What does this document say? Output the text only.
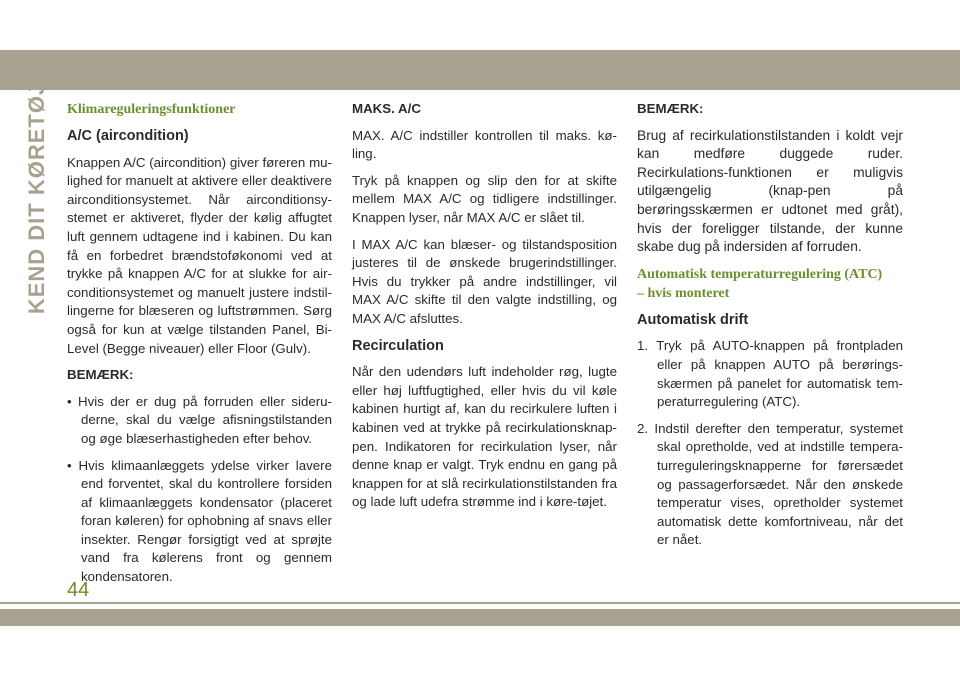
KEND DIT KØRETØJ Klimareguleringsfunktioner
A/C (aircondition)

Knappen A/C (aircondition) giver føreren mu-lighed for manuelt at aktivere eller deaktivere airconditionsystemet. Når airconditionsy-stemet er aktiveret, flyder der kølig affugtet luft gennem udtagene ind i kabinen. Du kan få en forbedret brændstoføkonomi ved at trykke på knappen A/C for at slukke for air-conditionsystemet og manuelt justere indstil-lingerne for blæseren og luftstrømmen. Sørg også for kun at vælge tilstanden Panel, Bi-Level (Begge niveauer) eller Floor (Gulv).

BEMÆRK:
• Hvis der er dug på forruden eller sideru-derne, skal du vælge afisningstilstanden og øge blæserhastigheden efter behov.
• Hvis klimaanlæggets ydelse virker lavere end forventet, skal du kontrollere forsiden af klimaanlæggets kondensator (placeret foran køleren) for ophobning af snavs eller insekter. Rengør forsigtigt ved at sprøjte vand fra kølerens front og gennem kondensatoren.
MAKS. A/C

MAX. A/C indstiller kontrollen til maks. kø-ling.

Tryk på knappen og slip den for at skifte mellem MAX A/C og tidligere indstillinger. Knappen lyser, når MAX A/C er slået til.

I MAX A/C kan blæser- og tilstandsposition justeres til de ønskede brugerindstillinger. Hvis du trykker på andre indstillinger, vil MAX A/C skifte til den valgte indstilling, og MAX A/C afsluttes.

Recirculation

Når den udendørs luft indeholder røg, lugte eller høj luftfugtighed, eller hvis du vil køle kabinen hurtigt af, kan du recirkulere luften i kabinen ved at trykke på recirkulationsknap-pen. Indikatoren for recirkulation lyser, når denne knap er valgt. Tryk endnu en gang på knappen for at slå recirkulationstilstanden fra og lade luft udefra strømme ind i køre-tøjet.

BEMÆRK:

Brug af recirkulationstilstanden i koldt vejr kan medføre duggede ruder. Recirkulations-funktionen er muligvis utilgængelig (knap-pen på berøringsskærmen er udtonet med gråt), hvis der foreligger tilstande, der kunne skabe dug på indersiden af forruden.

Automatisk temperaturregulering (ATC)
– hvis monteret
Automatisk drift
1. Tryk på AUTO-knappen på frontpladen eller på knappen AUTO på berørings-skærmen på panelet for automatisk tem-peraturregulering (ATC).
2. Indstil derefter den temperatur, systemet skal opretholde, ved at indstille tempera-turreguleringsknapperne for førersædet og passagerforsædet. Når den ønskede temperatur vises, opretholder systemet automatisk dette komfortniveau, når det er nået.
44
